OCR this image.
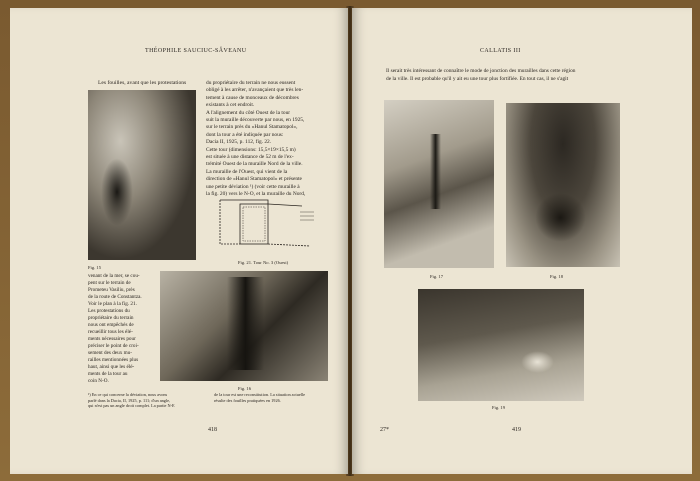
THÉOPHILE SAUCIUC-SĂVEANU
Les fouilles, avant que les protestations
Fig. 15
du propriétaire du terrain ne nous eussent
obligé à les arrêter, n'avançaient que très len-
tement à cause de monceaux de décombres
existants à cet endroit.
A l'alignement du côté Ouest de la tour
suit la muraille découverte par nous, en 1925,
sur le terrain près du «Hanul Stamatopol»,
dont la tour a été indiquée par nous:
Dacia II, 1925, p. 112, fig. 22.
Cette tour (dimensions: 15,5×19×15,5 m)
est située à une distance de 52 m de l'ex-
trémité Ouest de la muraille Nord de la ville.
La muraille de l'Ouest, qui vient de la
direction de «Hanul Stamatopol» et présente
une petite déviation ¹) (voir cette muraille à
la fig. 20) vers le N-O, et la muraille du Nord,
Fig. 21. Tour No. 3 (Ouest)
venant de la mer, se cou-
pent sur le terrain de
Prometeu Vasiliu, près
de la route de Constantza.
Voir le plan à la fig. 21.
Les protestations du
propriétaire du terrain
nous ont empêchés de
recueillir tous les élé-
ments nécessaires pour
préciser le point de croi-
sement des deux mu-
railles mentionnées plus
haut, ainsi que les élé-
ments de la tour au
coin N-O.
Fig. 16
¹) En ce qui concerne la déviation, nous avons
parlé dans la Dacia, II, 1925, p. 111; d'un angle,
qui n'est pas un angle droit complet. La partie N-E
de la tour est une reconstitution. La situation actuelle
résulte des fouilles pratiquées en 1926.
418
CALLATIS III
Il serait très intéressant de connaître le mode de jonction des murailles dans cette région
de la ville. Il est probable qu'il y ait eu une tour plus fortifiée. En tout cas, il ne s'agit
Fig. 17	Fig. 18
Fig. 19
27*	419
